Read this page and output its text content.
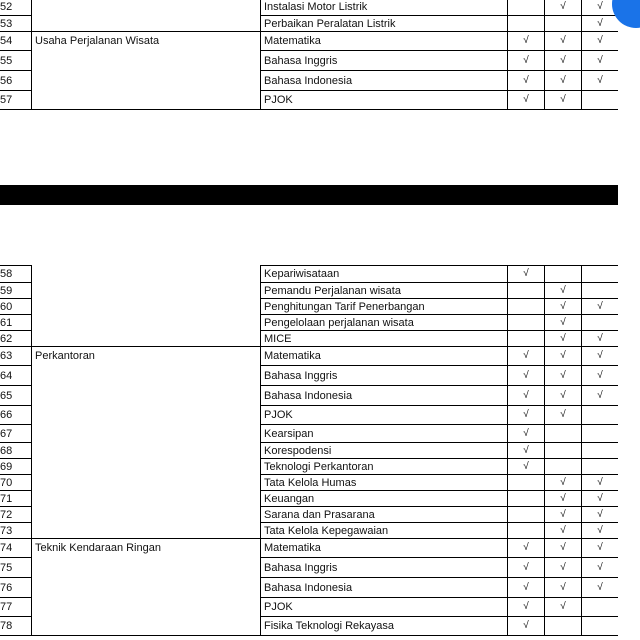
52		Instalasi Motor Listrik		√	√
53		Perbaikan Peralatan Listrik			√
54	Usaha Perjalanan Wisata	Matematika	√	√	√
55		Bahasa Inggris	√	√	√
56		Bahasa Indonesia	√	√	√
57		PJOK	√	√	
58		Kepariwisataan	√		
59		Pemandu Perjalanan wisata		√	
60		Penghitungan Tarif Penerbangan		√	√
61		Pengelolaan perjalanan wisata		√	
62		MICE		√	√
63	Perkantoran	Matematika	√	√	√
64		Bahasa Inggris	√	√	√
65		Bahasa Indonesia	√	√	√
66		PJOK	√	√	
67		Kearsipan	√		
68		Korespodensi	√		
69		Teknologi Perkantoran	√		
70		Tata Kelola Humas		√	√
71		Keuangan		√	√
72		Sarana dan Prasarana		√	√
73		Tata Kelola Kepegawaian		√	√
74	Teknik Kendaraan Ringan	Matematika	√	√	√
75		Bahasa Inggris	√	√	√
76		Bahasa Indonesia	√	√	√
77		PJOK	√	√	
78		Fisika Teknologi Rekayasa	√		
